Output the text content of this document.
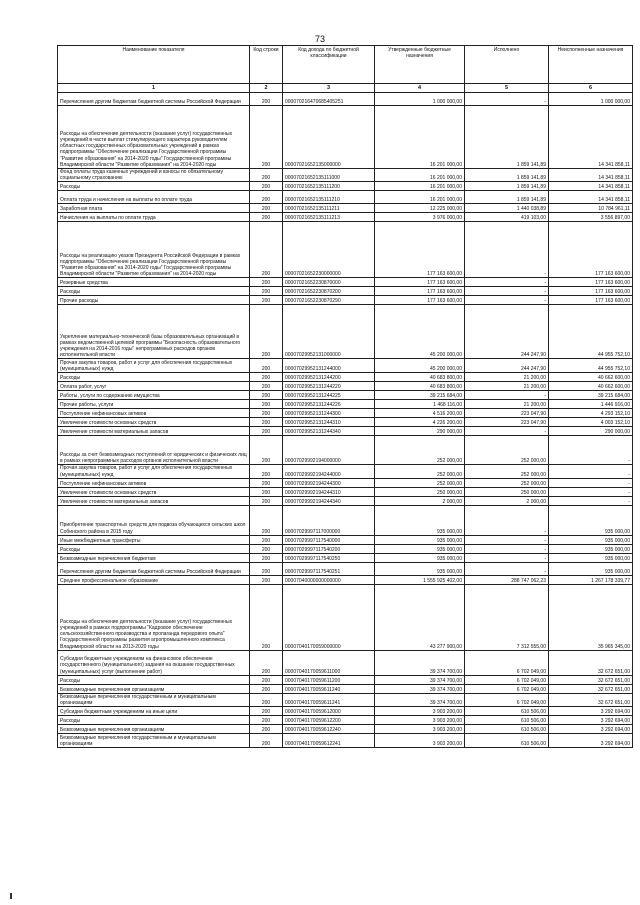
73
Наименование показателя	Код строки	Код дохода по бюджетной классификации	Утвержденные бюджетные назначения	Исполнено	Неисполненные назначения
1	2	3	4	5	6
Перечисления другим бюджетам бюджетной системы Российской Федерации	200	000070216470685405251	1 000 000,00	-	1 000 000,00
Расходы на обеспечение деятельности (оказание услуг) государственных учреждений в части выплат стимулирующего характера руководителям областных государственных образовательных учреждений в рамках подпрограммы "Обеспечение реализации Государственной программы "Развитие образования" на 2014-2020 годы" Государственной программы Владимирской области "Развитие образования" на 2014-2020 годы	200	00007021652135000000	16 201 000,00	1 859 141,89	14 341 858,11
Фонд оплаты труда казенных учреждений и взносы по обязательному социальному страхованию	200	00007021652135111000	16 201 000,00	1 859 141,89	14 341 858,11
Расходы	200	00007021652135111200	16 201 000,00	1 859 141,89	14 341 858,11
Оплата труда и начисления на выплаты по оплате труда	200	00007021652135111210	16 201 000,00	1 859 141,89	14 341 858,11
Заработная плата	200	00007021652135111211	12 225 000,00	1 440 038,89	10 784 961,11
Начисления на выплаты по оплате труда	200	00007021652135111213	3 976 000,00	419 103,00	3 556 897,00
Расходы на реализацию указов Президента Российской Федерации в рамках подпрограммы "Обеспечение реализации Государственной программы "Развитие образования" на 2014-2020 годы" Государственной программы Владимирской области "Развитие образования" на 2014-2020 годы	200	00007021652230000000	177 163 600,00	-	177 163 600,00
Резервные средства	200	00007021652230870000	177 163 600,00	-	177 163 600,00
Расходы	200	00007021652230870200	177 163 600,00	-	177 163 600,00
Прочие расходы	200	00007021652230870290	177 163 600,00	-	177 163 600,00
Укрепление материально-технической базы образовательных организаций в рамках ведомственной целевой программы "Безопасность образовательного учреждения на 2014-2016 годы" непрограммных расходов органов исполнительной власти	200	00007029952131000000	45 200 000,00	244 247,90	44 955 752,10
Прочая закупка товаров, работ и услуг для обеспечения государственных (муниципальных) нужд	200	00007029952131244000	45 200 000,00	244 247,90	44 955 752,10
Расходы	200	00007029952131244200	40 683 800,00	21 200,00	40 662 600,00
Оплата работ, услуг	200	00007029952131244220	40 683 800,00	21 200,00	40 662 600,00
Работы, услуги по содержанию имущества	200	00007029952131244225	39 215 684,00	-	39 215 684,00
Прочие работы, услуги	200	00007029952131244226	1 468 116,00	21 200,00	1 446 916,00
Поступление нефинансовых активов	200	00007029952131244300	4 516 200,00	223 047,90	4 293 152,10
Увеличение стоимости основных средств	200	00007029952131244310	4 226 200,00	223 047,90	4 003 152,10
Увеличение стоимости материальных запасов	200	00007029952131244340	290 000,00	-	290 000,00
Расходы за счет безвозмездных поступлений от юридических и физических лиц в рамках непрограммных расходов органов исполнительной власти	200	00007029992194000000	252 000,00	252 000,00	-
Прочая закупка товаров, работ и услуг для обеспечения государственных (муниципальных) нужд	200	00007029992194244000	252 000,00	252 000,00	-
Поступление нефинансовых активов	200	00007029992194244300	252 000,00	252 000,00	-
Увеличение стоимости основных средств	200	00007029992194244310	250 000,00	250 000,00	-
Увеличение стоимости материальных запасов	200	00007029992194244340	2 000,00	2 000,00	-
Приобретение транспортных средств для подвоза обучающихся сельских школ Собинского района в 2015 году	200	00007029997117000000	935 000,00	-	935 000,00
Иные межбюджетные трансферты	200	00007029997117540000	935 000,00	-	935 000,00
Расходы	200	00007029997117540200	935 000,00	-	935 000,00
Безвозмездные перечисления бюджетам	200	00007029997117540250	935 000,00	-	935 000,00
Перечисления другим бюджетам бюджетной системы Российской Федерации	200	00007029997117540251	935 000,00	-	935 000,00
Среднее профессиональное образование	200	00007040000000000000	1 555 925 402,00	288 747 062,23	1 267 178 339,77
Расходы на обеспечение деятельности (оказание услуг) государственных учреждений в рамках подпрограммы "Кадровое обеспечение сельскохозяйственного производства и пропаганда передового опыта" Государственной программы развития агропромышленного комплекса Владимирской области на 2013-2020 годы	200	00007040170059000000	43 277 900,00	7 312 555,00	35 965 345,00
Субсидии бюджетным учреждениям на финансовое обеспечение государственного (муниципального) задания на оказание государственных (муниципальных) услуг (выполнение работ)	200	00007040170059611000	39 374 700,00	6 702 049,00	32 672 651,00
Расходы	200	00007040170059611200	39 374 700,00	6 702 049,00	32 672 651,00
Безвозмездные перечисления организациям	200	00007040170059611240	39 374 700,00	6 702 049,00	32 672 651,00
Безвозмездные перечисления государственным и муниципальным организациям	200	00007040170059611241	39 374 700,00	6 702 049,00	32 672 651,00
Субсидии бюджетным учреждениям на иные цели	200	00007040170059612000	3 903 200,00	610 506,00	3 292 694,00
Расходы	200	00007040170059612200	3 903 200,00	610 506,00	3 292 694,00
Безвозмездные перечисления организациям	200	00007040170059612240	3 903 200,00	610 506,00	3 292 694,00
Безвозмездные перечисления государственным и муниципальным организациям	200	00007040170059612241	3 903 200,00	610 506,00	3 292 694,00
